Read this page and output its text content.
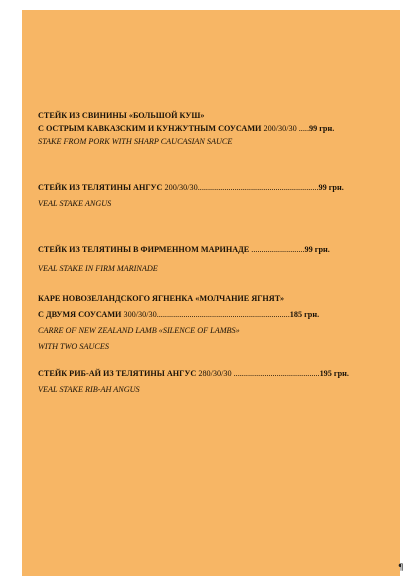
СТЕЙК ИЗ СВИНИНЫ «БОЛЬШОЙ КУШ»
С ОСТРЫМ КАВКАЗСКИМ И КУНЖУТНЫМ СОУСАМИ 200/30/30 .....99 грн.
STAKE FROM PORK WITH SHARP CAUCASIAN SAUCE
СТЕЙК ИЗ ТЕЛЯТИНЫ АНГУС 200/30/30...........................................................99 грн.
VEAL STAKE ANGUS
СТЕЙК ИЗ ТЕЛЯТИНЫ В ФИРМЕННОМ МАРИНАДЕ ..........................99 грн.
VEAL STAKE IN FIRM MARINADE
КАРЕ НОВОЗЕЛАНДСКОГО ЯГНЕНКА «МОЛЧАНИЕ ЯГНЯТ»
С ДВУМЯ СОУСАМИ 300/30/30.................................................................185 грн.
CARRE OF NEW ZEALAND LAMB «SILENCE OF LAMBS»
WITH TWO SAUCES
СТЕЙК РИБ-АЙ ИЗ ТЕЛЯТИНЫ АНГУС 280/30/30 ..........................................195 грн.
VEAL STAKE RIB-AH ANGUS
¶
